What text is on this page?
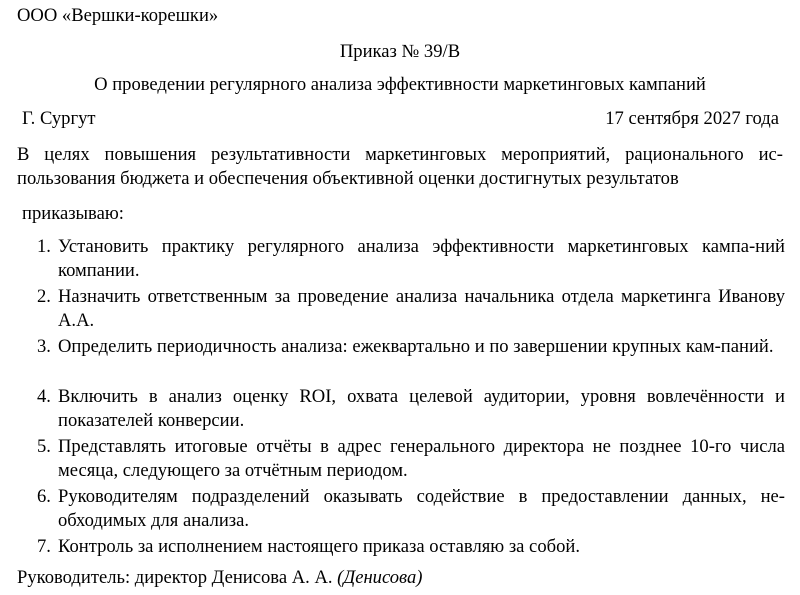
ООО «Вершки-корешки»
Приказ № 39/В
О проведении регулярного анализа эффективности маркетинговых кампаний
Г. Сургут	17 сентября 2027 года
В целях повышения результативности маркетинговых мероприятий, рационального ис-пользования бюджета и обеспечения объективной оценки достигнутых результатов
приказываю:
1. Установить практику регулярного анализа эффективности маркетинговых кампа-ний компании.
2. Назначить ответственным за проведение анализа начальника отдела маркетинга Иванову А.А.
3. Определить периодичность анализа: ежеквартально и по завершении крупных кам-паний.
4. Включить в анализ оценку ROI, охвата целевой аудитории, уровня вовлечённости и показателей конверсии.
5. Представлять итоговые отчёты в адрес генерального директора не позднее 10-го числа месяца, следующего за отчётным периодом.
6. Руководителям подразделений оказывать содействие в предоставлении данных, не-обходимых для анализа.
7. Контроль за исполнением настоящего приказа оставляю за собой.
Руководитель: директор Денисова А. А. (Денисова)
